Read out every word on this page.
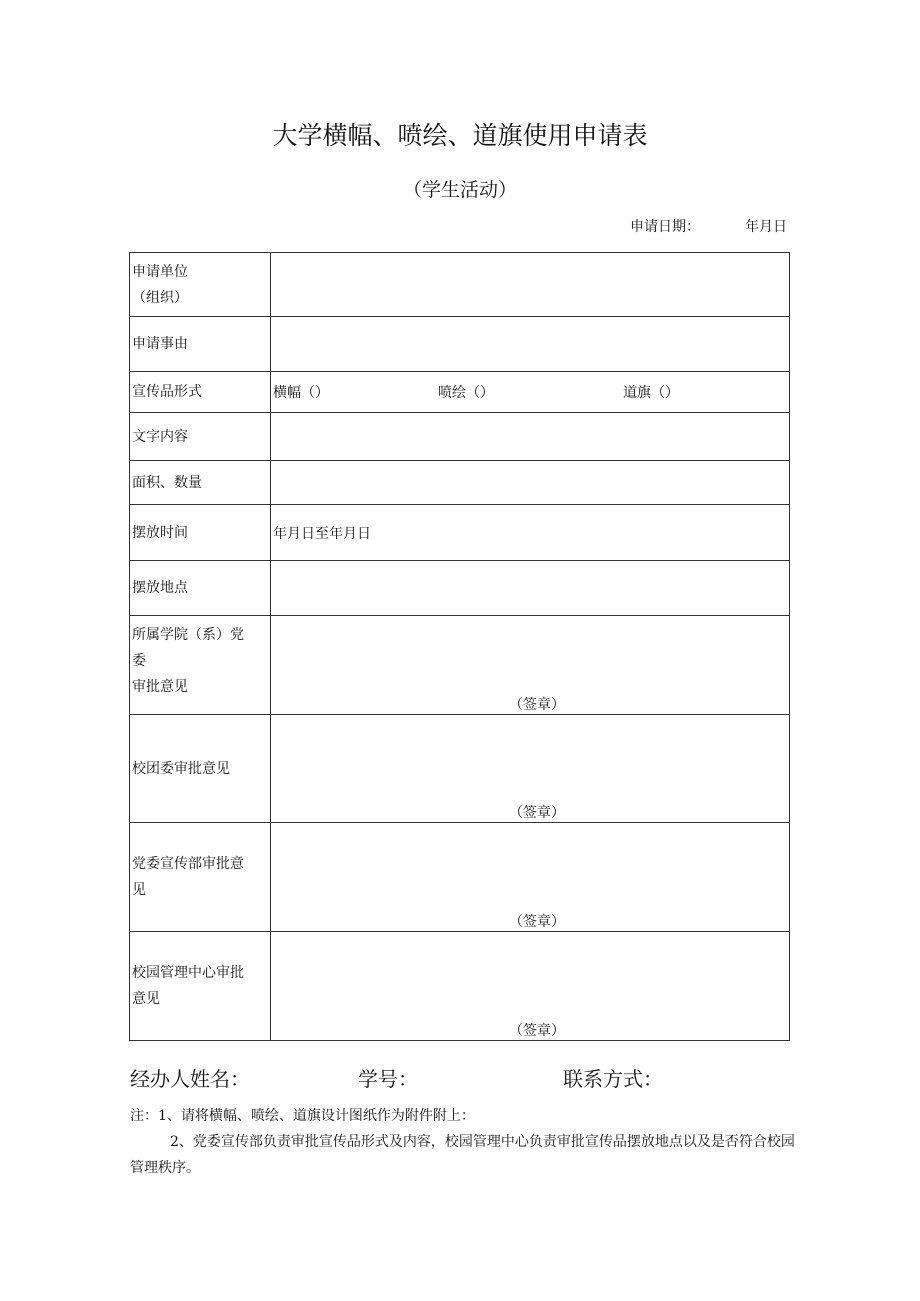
大学横幅、喷绘、道旗使用申请表
（学生活动）
申请日期：	年月日
申请单位
（组织）	

申请事由	
宣传品形式	横幅（） 喷绘（） 道旗（）

文字内容	
面积、数量	
摆放时间	年月日至年月日
摆放地点	

所属学院（系）党
委
审批意见	（签章）

校团委审批意见	（签章）

党委宣传部审批意
见	（签章）

校园管理中心审批
意见	（签章）
经办人姓名：	学号：	联系方式：
注：1、请将横幅、喷绘、道旗设计图纸作为附件附上：
2、党委宣传部负责审批宣传品形式及内容，校园管理中心负责审批宣传品摆放地点以及是否符合校园管理秩序。
